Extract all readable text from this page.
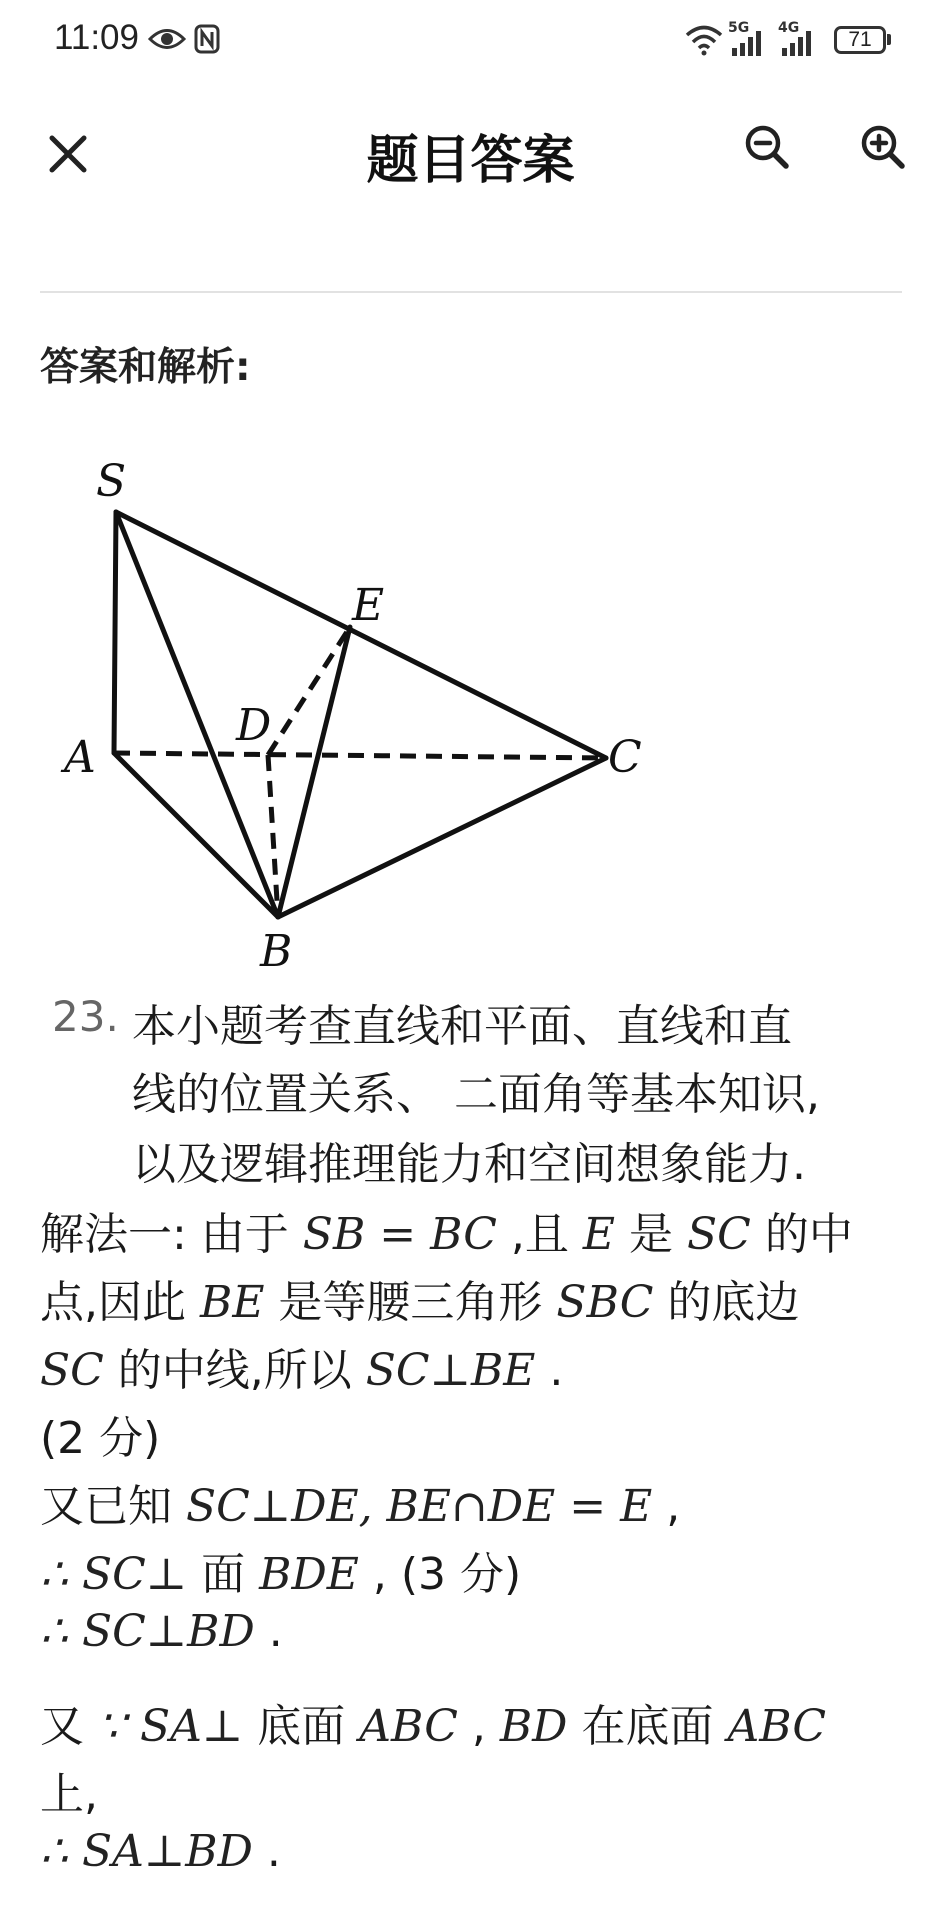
11:09	5G 4G	71
题目答案
答案和解析:
S
E
D
A	C
B
23. 本小题考查直线和平面、直线和直
线的位置关系、 二面角等基本知识,
以及逻辑推理能力和空间想象能力.
解法一: 由于 SB = BC ,且 E 是 SC 的中
点,因此 BE 是等腰三角形 SBC 的底边
SC 的中线,所以 SC⊥BE .
(2 分)
又已知 SC⊥DE, BE∩DE = E ,
∴ SC⊥ 面 BDE , (3 分)
∴ SC⊥BD .
又 ∵ SA⊥ 底面 ABC , BD 在底面 ABC
上,
∴ SA⊥BD .
